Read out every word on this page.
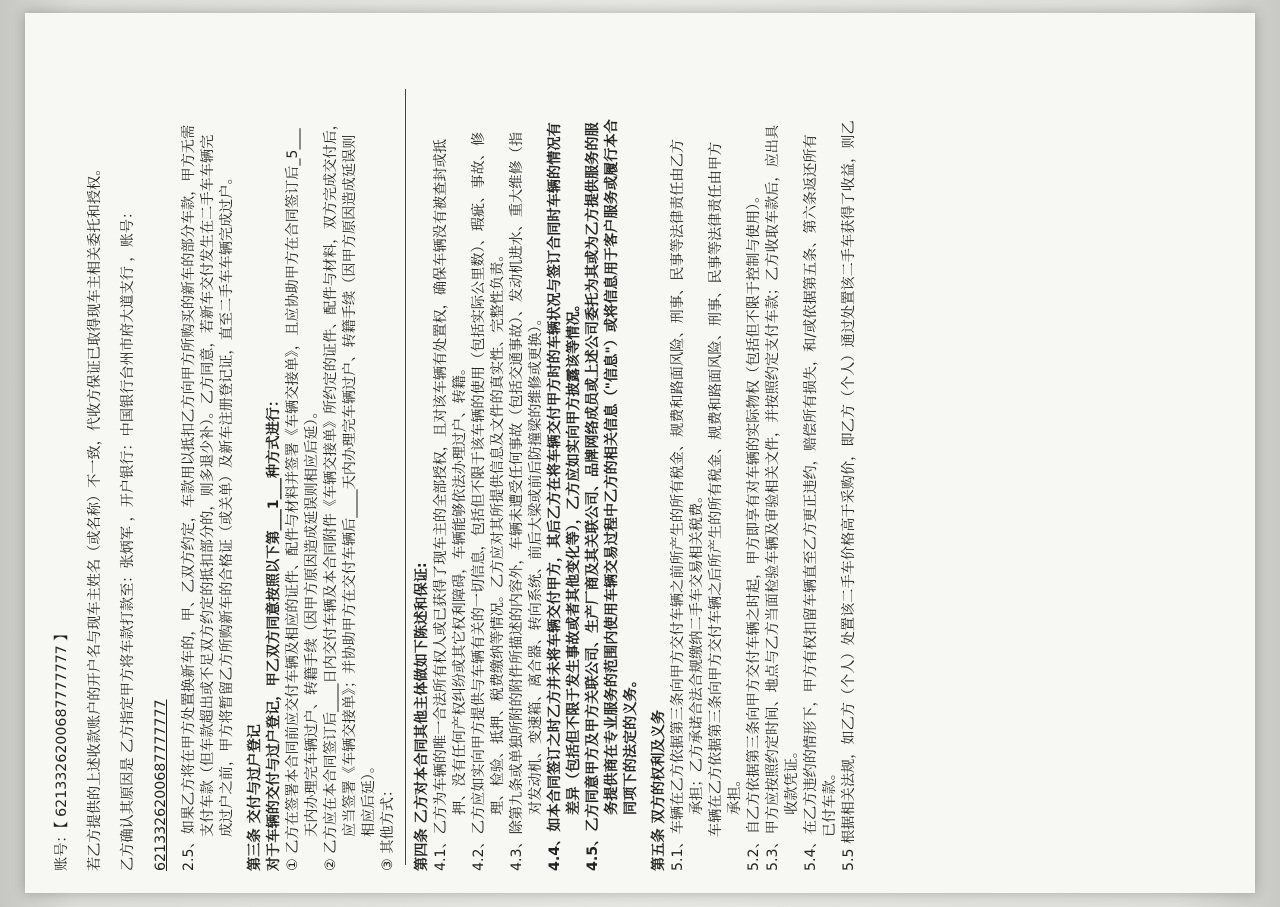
账号：【 6213326200687777777 】 若乙方提供的上述收款账户的开户名与现车主姓名（或名称）不一致，代收方保证已取得现车主相关委托和授权。 乙方确认其原因是 乙方指定甲方将车款打款至：张炳军 ，开户银行：中国银行台州市府大道支行 ，账号： 6213326200687777777 2.5、如果乙方将在甲方处置换新车的，甲、乙双方约定，车款用以抵扣乙方向甲方所购买的新车的部分车款，甲方无需 支付车款（但车款超出或不足双方约定的抵扣部分的，则多退少补）。乙方同意，若新车交付发生在二手车车辆完 成过户之前，甲方将暂留乙方所购新车的合格证（或关单）及新车注册登记证，直至二手车车辆完成过户。 第三条 交付与过户登记 对于车辆的交付与过户登记，甲乙双方同意按照以下第___1___种方式进行： ① 乙方在签署本合同前应交付车辆及相应的证件、配件与材料并签署《车辆交接单》，且应协助甲方在合同签订后_5___ 天内办理完车辆过户、转籍手续（因甲方原因造成延误则相应后延）。 ② 乙方应在本合同签订后____日内交付车辆及本合同附件《车辆交接单》所约定的证件、配件与材料，双方完成交付后， 应当签署《车辆交接单》；并协助甲方在交付车辆后____天内办理完车辆过户、转籍手续（因甲方原因造成延误则 相应后延）。 ③ 其他方式： 第四条 乙方对本合同其他主体做如下陈述和保证: 4.1、乙方为车辆的唯一合法所有权人或已获得了现车主的全部授权，且对该车辆有处置权，确保车辆没有被查封或抵 押、没有任何产权纠纷或其它权利障碍，车辆能够依法办理过户、转籍。 4.2、乙方应如实向甲方提供与车辆有关的一切信息，包括但不限于该车辆的使用（包括实际公里数）、瑕疵、事故、修 理、检验、抵押、税费缴纳等情况。乙方应对其所提供信息及文件的真实性、完整性负责。 4.3、除第九条或单独所附的附件所描述的内容外，车辆未遭受任何事故（包括交通事故）、发动机进水、重大维修（指 对发动机、变速箱、离合器、转向系统、前后大梁或前后防撞梁的维修或更换）。 4.4、如本合同签订之时乙方并未将车辆交付甲方，其后乙方在将车辆交付甲方时的车辆状况与签订合同时车辆的情况有 差异（包括但不限于发生事故或者其他变化等），乙方应如实向甲方披露该等情况。 4.5、乙方同意甲方及甲方关联公司、生产厂商及其关联公司、品牌网络成员或上述公司委托为其或为乙方提供服务的服 务提供商在专业服务的范围内使用车辆交易过程中乙方的相关信息（"信息"）或将信息用于客户服务或履行本合 同项下的法定的义务。 第五条 双方的权利及义务 5.1、车辆在乙方依据第三条向甲方交付车辆之前所产生的所有税金、规费和路面风险、刑事、民事等法律责任由乙方 承担；乙方承诺合法合规缴纳二手车交易相关税费。 车辆在乙方依据第三条向甲方交付车辆之后所产生的所有税金、规费和路面风险、刑事、民事等法律责任由甲方 承担。 5.2、自乙方依据第三条向甲方交付车辆之时起，甲方即享有对车辆的实际物权（包括但不限于控制与使用）。 5.3、甲方应按照约定时间、地点与乙方当面检验车辆及审验相关文件，并按照约定支付车款；乙方收取车款后，应出具 收款凭证。 5.4、在乙方违约的情形下，甲方有权扣留车辆直至乙方更正违约，赔偿所有损失，和/或依据第五条、第六条返还所有 已付车款。 5.5 根据相关法规，如乙方（个人）处置该二手车价格高于采购价，即乙方（个人）通过处置该二手车获得了收益，则乙
